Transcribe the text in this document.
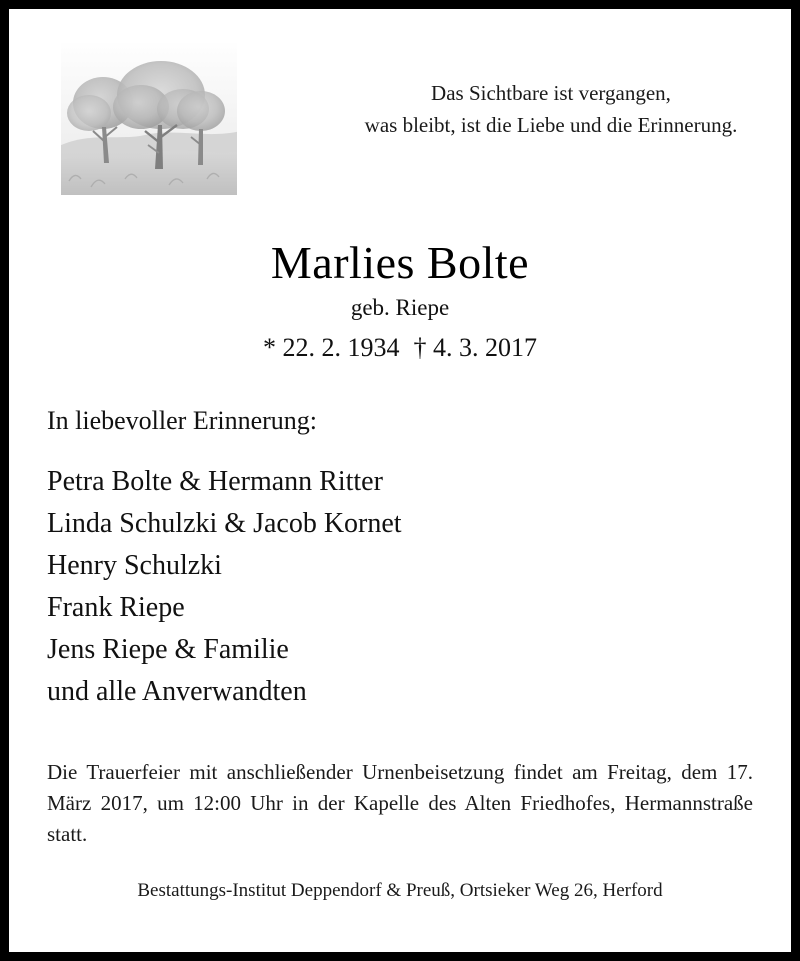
Das Sichtbare ist vergangen,
was bleibt, ist die Liebe und die Erinnerung.
Marlies Bolte
geb. Riepe
* 22. 2. 1934 † 4. 3. 2017
In liebevoller Erinnerung:
Petra Bolte & Hermann Ritter
Linda Schulzki & Jacob Kornet
Henry Schulzki
Frank Riepe
Jens Riepe & Familie
und alle Anverwandten
Die Trauerfeier mit anschließender Urnenbeisetzung findet am Freitag, dem 17. März 2017, um 12:00 Uhr in der Kapelle des Alten Friedhofes, Hermannstraße statt.
Bestattungs-Institut Deppendorf & Preuß, Ortsieker Weg 26, Herford
